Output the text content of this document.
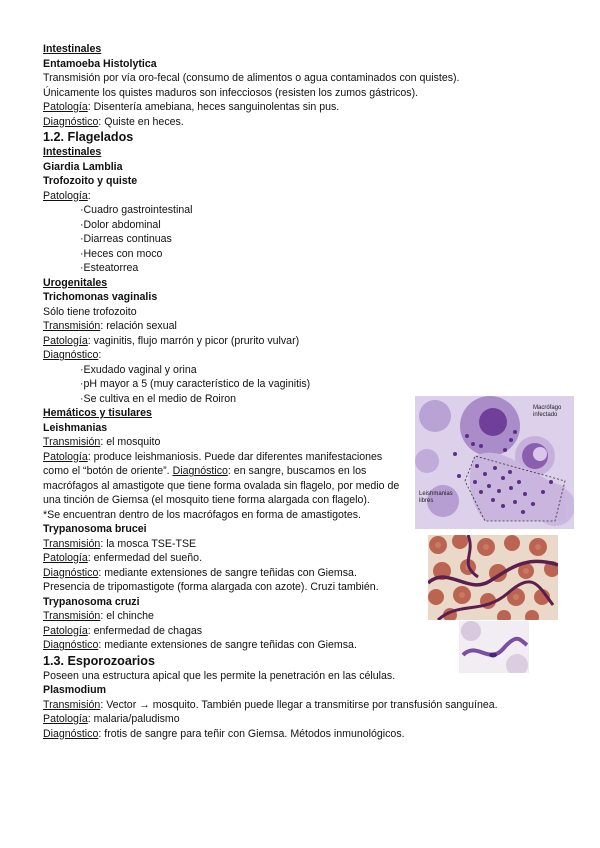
Intestinales
Entamoeba Histolytica
Transmisión por vía oro-fecal (consumo de alimentos o agua contaminados con quistes).
Únicamente los quistes maduros son infecciosos (resisten los zumos gástricos).
Patología: Disentería amebiana, heces sanguinolentas sin pus.
Diagnóstico: Quiste en heces.
1.2. Flagelados
Intestinales
Giardia Lamblia
Trofozoito y quiste
Patología:
·Cuadro gastrointestinal
·Dolor abdominal
·Diarreas continuas
·Heces con moco
·Esteatorrea
Urogenitales
Trichomonas vaginalis
Sólo tiene trofozoito
Transmisión: relación sexual
Patología: vaginitis, flujo marrón y picor (prurito vulvar)
Diagnóstico:
·Exudado vaginal y orina
·pH mayor a 5 (muy característico de la vaginitis)
·Se cultiva en el medio de Roiron
Hemáticos y tisulares
Leishmanias
Transmisión: el mosquito
Patología: produce leishmaniosis. Puede dar diferentes manifestaciones como el “botón de oriente”. Diagnóstico: en sangre, buscamos en los macrófagos al amastigote que tiene forma ovalada sin flagelo, por medio de una tinción de Giemsa (el mosquito tiene forma alargada con flagelo).
*Se encuentran dentro de los macrófagos en forma de amastigotes.
Trypanosoma brucei
Transmisión: la mosca TSE-TSE
Patología: enfermedad del sueño.
Diagnóstico: mediante extensiones de sangre teñidas con Giemsa.
Presencia de tripomastigote (forma alargada con azote). Cruzi también.
Trypanosoma cruzi
Transmisión: el chinche
Patología: enfermedad de chagas
Diagnóstico: mediante extensiones de sangre teñidas con Giemsa.
1.3. Esporozoarios
Poseen una estructura apical que les permite la penetración en las células.
Plasmodium
Transmisión: Vector → mosquito. También puede llegar a transmitirse por transfusión sanguínea.
Patología: malaria/paludismo
Diagnóstico: frotis de sangre para teñir con Giemsa. Métodos inmunológicos.
Macrófago
infectado
Leishmanias
libres
